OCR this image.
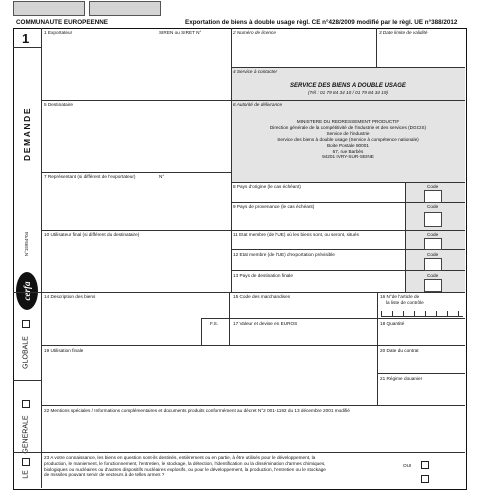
COMMUNAUTE EUROPEENNE	Exportation de biens à double usage règl. CE n°428/2009 modifié par le règl. UE n°388/2012
1
DEMANDE
N°15954*04
cerfa
GLOBALE
GENERALE
LE
1 Exportateur	SIREN ou SIRET N°	2 Numéro de licence	3 Date limite de validité
4 Service à contacter
SERVICE DES BIENS A DOUBLE USAGE
(Tél : 01 79 84 34 10 / 01 79 84 34 19)
5 Destinataire	6 Autorité de délivrance
MINISTERE DU REDRESSEMENT PRODUCTIF
Direction générale de la compétitivité de l'industrie et des services (DGCIS)
Service de l'industrie
Service des biens à double usage (Service à compétence nationale)
Boite Postale 80001
67, rue Barbès
94201 IVRY-SUR-SEINE
7 Représentant (si différent de l'exportateur)	N°
8 Pays d'origine (le cas échéant)	Code
9 Pays de provenance (le cas échéant)	Code
10 Utilisateur final (si différent du destinataire)	11 Etat membre (de l'UE) où les biens sont, ou seront, situés	Code
12 Etat membre (de l'UE) d'exportation prévisible	Code
13 Pays de destination finale	Code
14 Description des biens	15 Code des marchandises	16 N°de l'article de
la liste de contrôle
F.S.	17 Valeur et devise en EUROS	18 Quantité
19 Utilisation finale	20 Date du contrat
21 Régime douanier
22 Mentions spéciales / Informations complémentaires et documents produits conformément au décret N°2 001-1192 du 13 décembre 2001 modifié
23 A votre connaissance, les biens en question sont-ils destinés, entièrement ou en partie, à être utilisés pour le développement, la
production, le maniement, le fonctionnement, l'entretien, le stockage, la détection, l'identification ou la dissémination d'armes chimiques,
biologiques ou nucléaires ou d'autres dispositifs nucléaires explosifs, ou pour le développement, la production, l'entretien ou le stockage
de missiles pouvant servir de vecteurs à de telles armes ?
OUI
